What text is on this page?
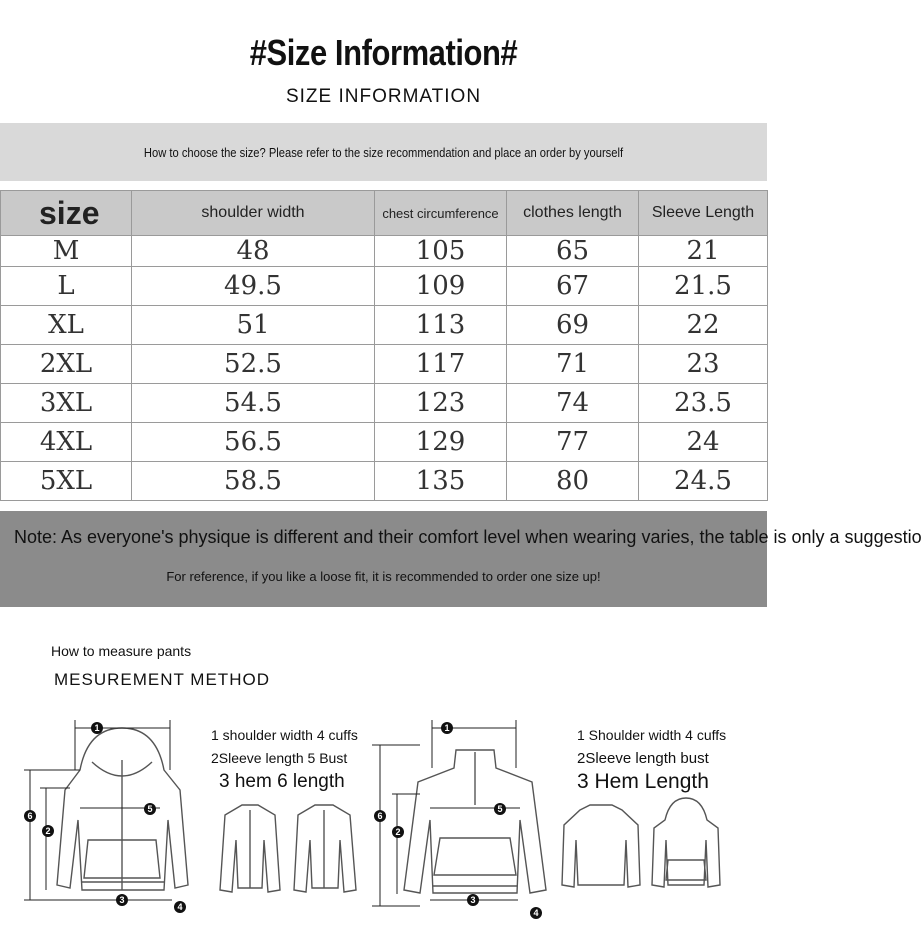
#Size Information#
SIZE INFORMATION
How to choose the size? Please refer to the size recommendation and place an order by yourself
size	shoulder width	chest circumference	clothes length	Sleeve Length
M	48	105	65	21
L	49.5	109	67	21.5
XL	51	113	69	22
2XL	52.5	117	71	23
3XL	54.5	123	74	23.5
4XL	56.5	129	77	24
5XL	58.5	135	80	24.5
Note: As everyone's physique is different and their comfort level when wearing varies, the table is only a suggestio
For reference, if you like a loose fit, it is recommended to order one size up!
How to measure pants
MESUREMENT METHOD
1 shoulder width 4 cuffs
2Sleeve length 5 Bust
3 hem 6 length
1 Shoulder width 4 cuffs
2Sleeve length bust
3 Hem Length
1
2
3
4
5
6
1
2
3
4
5
6
